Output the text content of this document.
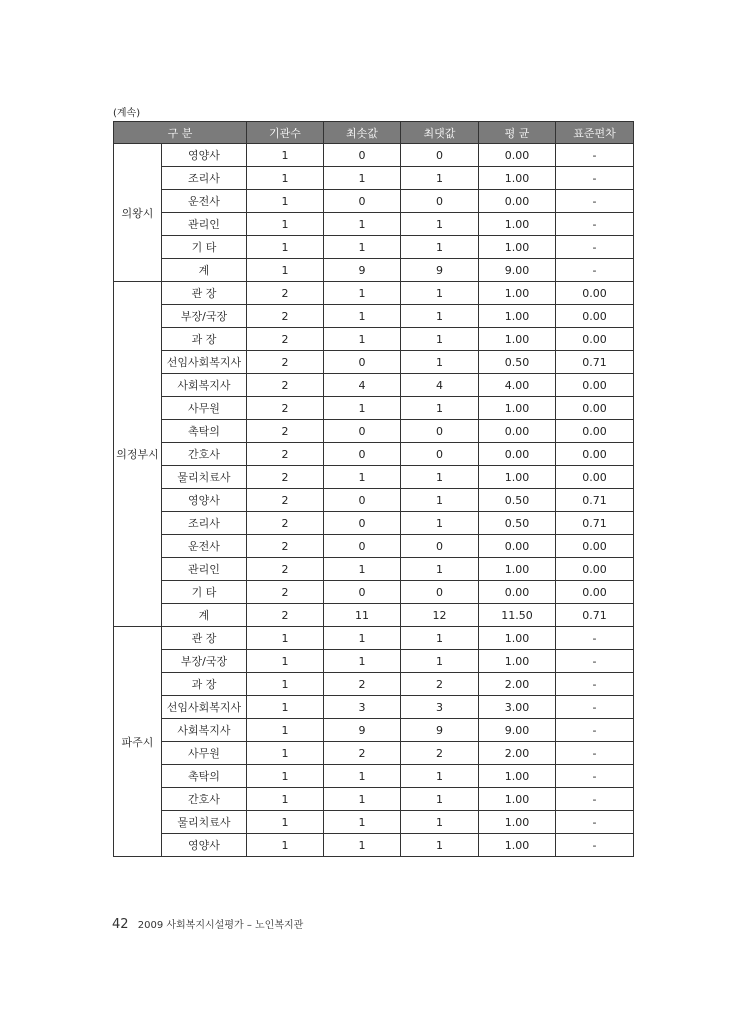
(계속)
구 분		기관수	최솟값	최댓값	평 균	표준편차
의왕시	영양사	1	0	0	0.00	-
	조리사	1	1	1	1.00	-
	운전사	1	0	0	0.00	-
	관리인	1	1	1	1.00	-
	기 타	1	1	1	1.00	-
	계	1	9	9	9.00	-
의정부시	관 장	2	1	1	1.00	0.00
	부장/국장	2	1	1	1.00	0.00
	과 장	2	1	1	1.00	0.00
	선임사회복지사	2	0	1	0.50	0.71
	사회복지사	2	4	4	4.00	0.00
	사무원	2	1	1	1.00	0.00
	촉탁의	2	0	0	0.00	0.00
	간호사	2	0	0	0.00	0.00
	물리치료사	2	1	1	1.00	0.00
	영양사	2	0	1	0.50	0.71
	조리사	2	0	1	0.50	0.71
	운전사	2	0	0	0.00	0.00
	관리인	2	1	1	1.00	0.00
	기 타	2	0	0	0.00	0.00
	계	2	11	12	11.50	0.71
파주시	관 장	1	1	1	1.00	-
	부장/국장	1	1	1	1.00	-
	과 장	1	2	2	2.00	-
	선임사회복지사	1	3	3	3.00	-
	사회복지사	1	9	9	9.00	-
	사무원	1	2	2	2.00	-
	촉탁의	1	1	1	1.00	-
	간호사	1	1	1	1.00	-
	물리치료사	1	1	1	1.00	-
	영양사	1	1	1	1.00	-
42 2009 사회복지시설평가 – 노인복지관
